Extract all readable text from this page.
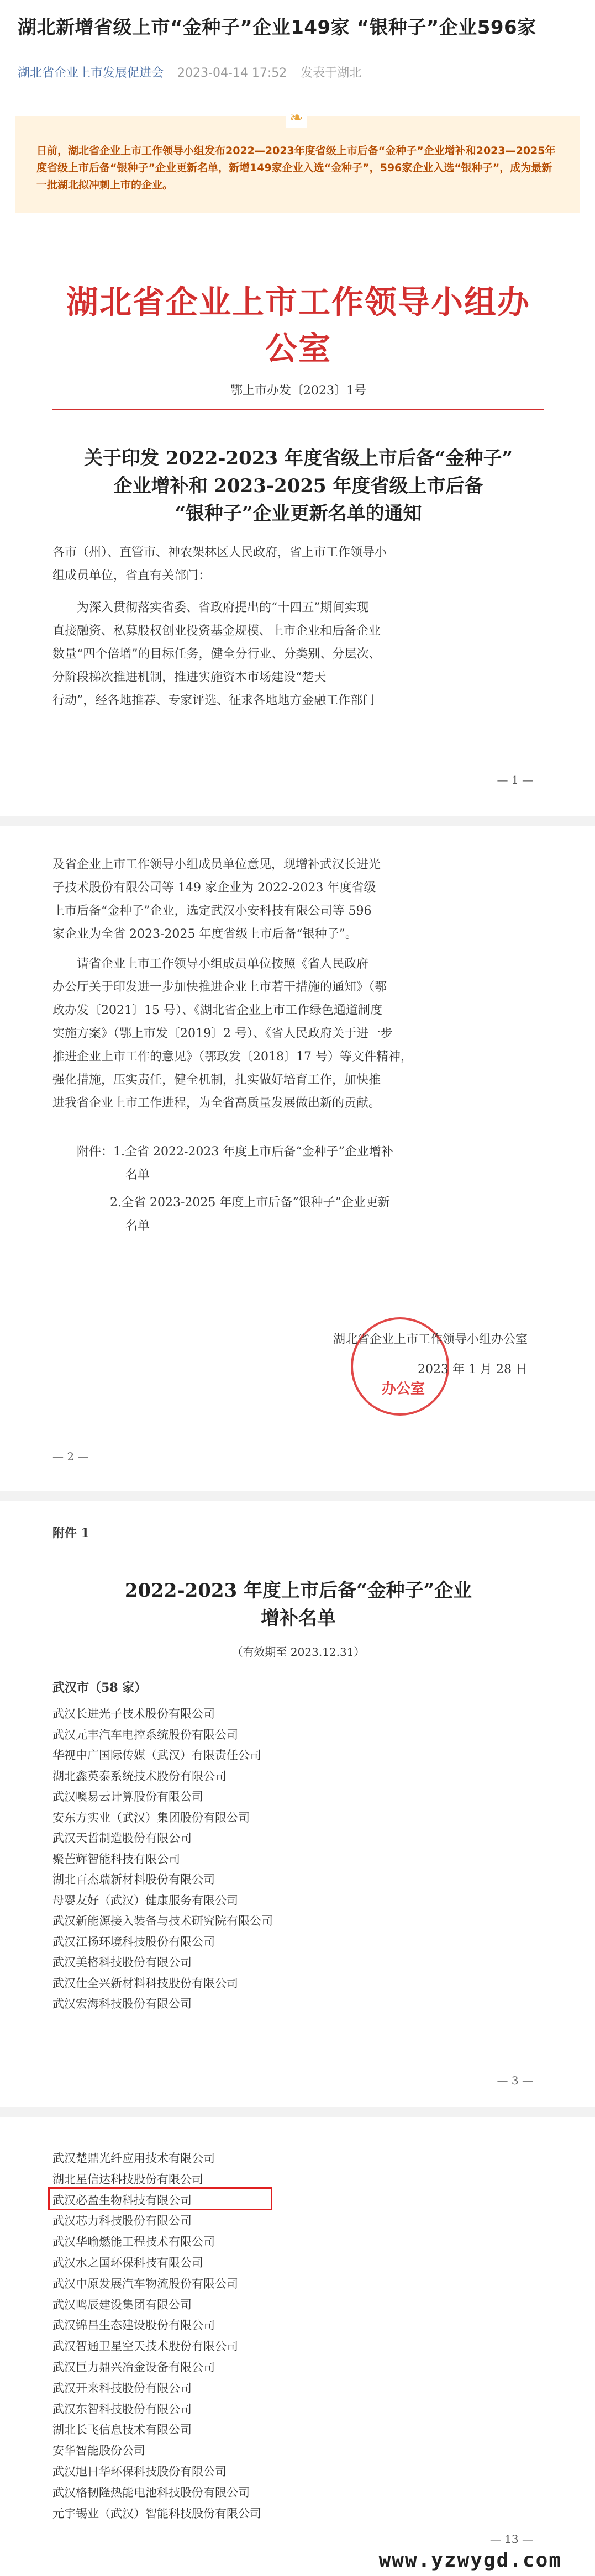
湖北新增省级上市“金种子”企业149家 “银种子”企业596家
湖北省企业上市发展促进会 2023-04-14 17:52 发表于湖北
日前，湖北省企业上市工作领导小组发布2022—2023年度省级上市后备“金种子”企业增补和2023—2025年度省级上市后备“银种子”企业更新名单，新增149家企业入选“金种子”，596家企业入选“银种子”，成为最新一批湖北拟冲刺上市的企业。
❧
湖北省企业上市工作领导小组办公室
鄂上市办发〔2023〕1号
关于印发 2022-2023 年度省级上市后备“金种子”
企业增补和 2023-2025 年度省级上市后备
“银种子”企业更新名单的通知
各市（州）、直管市、神农架林区人民政府，省上市工作领导小
组成员单位，省直有关部门：
为深入贯彻落实省委、省政府提出的“十四五”期间实现
直接融资、私募股权创业投资基金规模、上市企业和后备企业
数量“四个倍增”的目标任务，健全分行业、分类别、分层次、
分阶段梯次推进机制，推进实施资本市场建设“楚天
行动”，经各地推荐、专家评选、征求各地地方金融工作部门
— 1 —
及省企业上市工作领导小组成员单位意见，现增补武汉长进光
子技术股份有限公司等 149 家企业为 2022-2023 年度省级
上市后备“金种子”企业，选定武汉小安科技有限公司等 596
家企业为全省 2023-2025 年度省级上市后备“银种子”。
请省企业上市工作领导小组成员单位按照《省人民政府
办公厅关于印发进一步加快推进企业上市若干措施的通知》（鄂
政办发〔2021〕15 号）、《湖北省企业上市工作绿色通道制度
实施方案》（鄂上市发〔2019〕2 号）、《省人民政府关于进一步
推进企业上市工作的意见》（鄂政发〔2018〕17 号）等文件精神，
强化措施，压实责任，健全机制，扎实做好培育工作，加快推
进我省企业上市工作进程，为全省高质量发展做出新的贡献。
附件：1.全省 2022-2023 年度上市后备“金种子”企业增补
名单
2.全省 2023-2025 年度上市后备“银种子”企业更新
名单
办公室
湖北省企业上市工作领导小组办公室
2023 年 1 月 28 日
— 2 —
附件 1
2022-2023 年度上市后备“金种子”企业
增补名单
（有效期至 2023.12.31）
武汉市（58 家）
武汉长进光子技术股份有限公司
武汉元丰汽车电控系统股份有限公司
华视中广国际传媒（武汉）有限责任公司
湖北鑫英泰系统技术股份有限公司
武汉噢易云计算股份有限公司
安东方实业（武汉）集团股份有限公司
武汉天哲制造股份有限公司
聚芒辉智能科技有限公司
湖北百杰瑞新材料股份有限公司
母婴友好（武汉）健康服务有限公司
武汉新能源接入装备与技术研究院有限公司
武汉江扬环境科技股份有限公司
武汉美格科技股份有限公司
武汉仕全兴新材料科技股份有限公司
武汉宏海科技股份有限公司
— 3 —
武汉楚鼎光纤应用技术有限公司
湖北星信达科技股份有限公司
武汉必盈生物科技有限公司
武汉芯力科技股份有限公司
武汉华喻燃能工程技术有限公司
武汉水之国环保科技有限公司
武汉中原发展汽车物流股份有限公司
武汉鸣辰建设集团有限公司
武汉锦昌生态建设股份有限公司
武汉智通卫星空天技术股份有限公司
武汉巨力鼎兴冶金设备有限公司
武汉开来科技股份有限公司
武汉东智科技股份有限公司
湖北长飞信息技术有限公司
安华智能股份公司
武汉旭日华环保科技股份有限公司
武汉格韧隆热能电池科技股份有限公司
元宇锡业（武汉）智能科技股份有限公司
— 13 —
www.yzwygd.com
